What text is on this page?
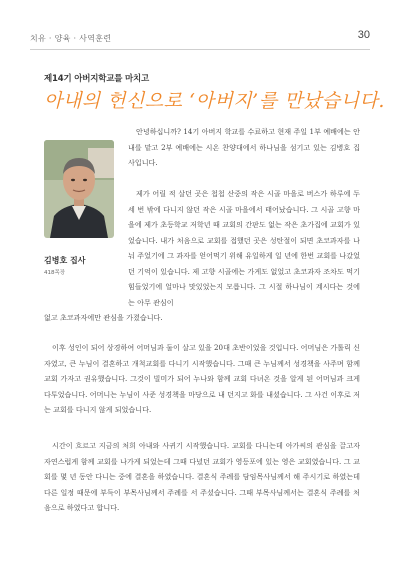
치유 · 양육 · 사역훈련	30
제14기 아버지학교를 마치고
아내의 헌신으로 ‘아버지’를 만났습니다.
김병호 집사
418목장

안녕하십니까? 14기 아버지 학교를 수료하고 현재 주일 1부 예배에는 안내를 맡고 2부 예배에는 시온 찬양대에서 하나님을 섬기고 있는 김병호 집사입니다.

제가 어릴 적 살던 곳은 첩첩 산중의 작은 시골 마을로 버스가 하루에 두세 번 밖에 다니지 않던 작은 시골 마을에서 태어났습니다. 그 시골 고향 마을에 제가 초등학교 저학년 때 교회의 간판도 없는 작은 초가집에 교회가 있었습니다. 내가 처음으로 교회를 접했던 곳은 성탄절이 되면 초코과자를 나눠 주었기에 그 과자를 얻어먹기 위해 유일하게 일 년에 한번 교회를 나갔었던 기억이 있습니다. 제 고향 시골에는 가게도 없었고 초코과자 조차도 먹기 힘들었기에 얼마나 맛있었는지 모릅니다. 그 시절 하나님이 계시다는 것에는 아무 관심이

없고 초코과자에만 관심을 가졌습니다.

이후 성인이 되어 상경하여 어머님과 둘이 살고 있을 20대 초반이었을 것입니다. 어머님은 가톨릭 신자였고, 큰 누님이 결혼하고 개척교회를 다니기 시작했습니다. 그때 큰 누님께서 성경책을 사주며 함께 교회 가자고 권유했습니다. 그것이 빌미가 되어 누나와 함께 교회 다녀온 것을 알게 된 어머님과 크게 다투었습니다. 어머니는 누님이 사준 성경책을 마당으로 내 던지고 화를 내셨습니다. 그 사건 이후로 저는 교회를 다니지 않게 되었습니다.

시간이 흐르고 지금의 처희 아내와 사귀기 시작했습니다. 교회를 다니는데 아가씨의 관심을 끌고자 자연스럽게 함께 교회를 나가게 되었는데 그때 다녔던 교회가 영등포에 있는 영은 교회였습니다. 그 교회를 몇 년 동안 다니는 중에 결혼을 하였습니다. 결혼식 주례를 담임목사님께서 해 주시기로 하였는데 다른 일정 때문에 부득이 부목사님께서 주례를 서 주셨습니다. 그때 부목사님께서는 결혼식 주례를 처음으로 하였다고 합니다.
